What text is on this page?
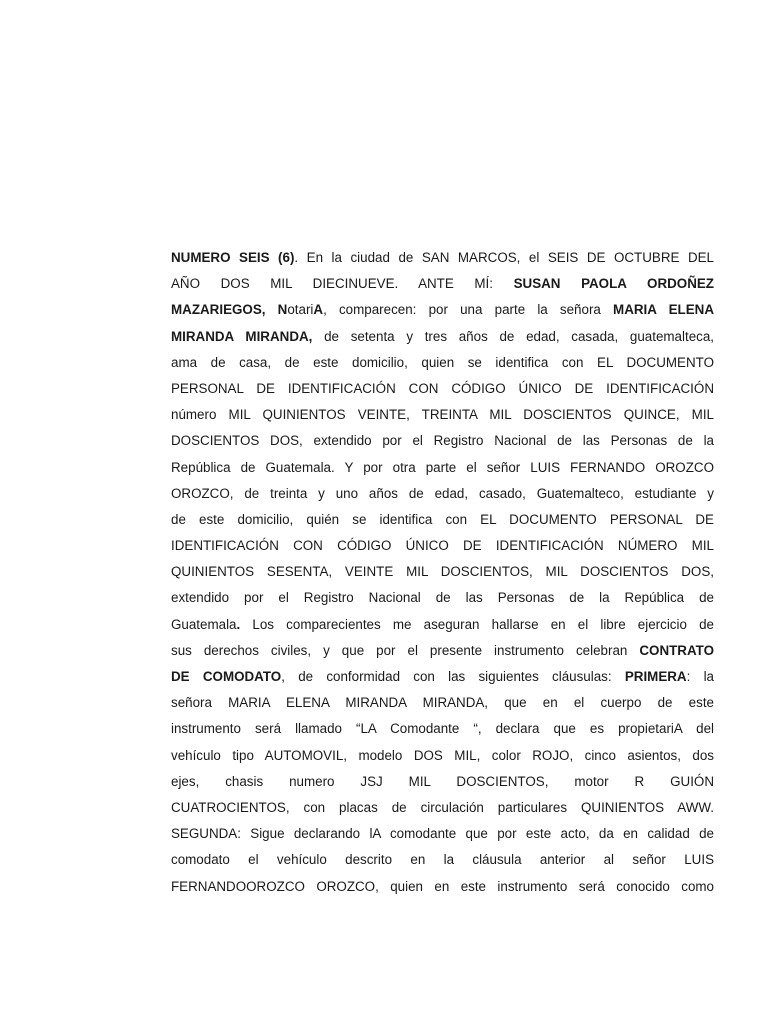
NUMERO SEIS (6). En la ciudad de SAN MARCOS, el SEIS DE OCTUBRE DEL
AÑO DOS MIL DIECINUEVE. ANTE MÍ: SUSAN PAOLA ORDOÑEZ
MAZARIEGOS, NotariA, comparecen: por una parte la señora MARIA ELENA
MIRANDA MIRANDA, de setenta y tres años de edad, casada, guatemalteca,
ama de casa, de este domicilio, quien se identifica con EL DOCUMENTO
PERSONAL DE IDENTIFICACIÓN CON CÓDIGO ÚNICO DE IDENTIFICACIÓN
número MIL QUINIENTOS VEINTE, TREINTA MIL DOSCIENTOS QUINCE, MIL
DOSCIENTOS DOS, extendido por el Registro Nacional de las Personas de la
República de Guatemala. Y por otra parte el señor LUIS FERNANDO OROZCO
OROZCO, de treinta y uno años de edad, casado, Guatemalteco, estudiante y
de este domicilio, quién se identifica con EL DOCUMENTO PERSONAL DE
IDENTIFICACIÓN CON CÓDIGO ÚNICO DE IDENTIFICACIÓN NÚMERO MIL
QUINIENTOS SESENTA, VEINTE MIL DOSCIENTOS, MIL DOSCIENTOS DOS,
extendido por el Registro Nacional de las Personas de la República de
Guatemala. Los comparecientes me aseguran hallarse en el libre ejercicio de
sus derechos civiles, y que por el presente instrumento celebran CONTRATO
DE COMODATO, de conformidad con las siguientes cláusulas: PRIMERA: la
señora MARIA ELENA MIRANDA MIRANDA, que en el cuerpo de este
instrumento será llamado “LA Comodante “, declara que es propietariA del
vehículo tipo AUTOMOVIL, modelo DOS MIL, color ROJO, cinco asientos, dos
ejes, chasis numero JSJ MIL DOSCIENTOS, motor R GUIÓN
CUATROCIENTOS, con placas de circulación particulares QUINIENTOS AWW.
SEGUNDA: Sigue declarando lA comodante que por este acto, da en calidad de
comodato el vehículo descrito en la cláusula anterior al señor LUIS
FERNANDOOROZCO OROZCO, quien en este instrumento será conocido como
